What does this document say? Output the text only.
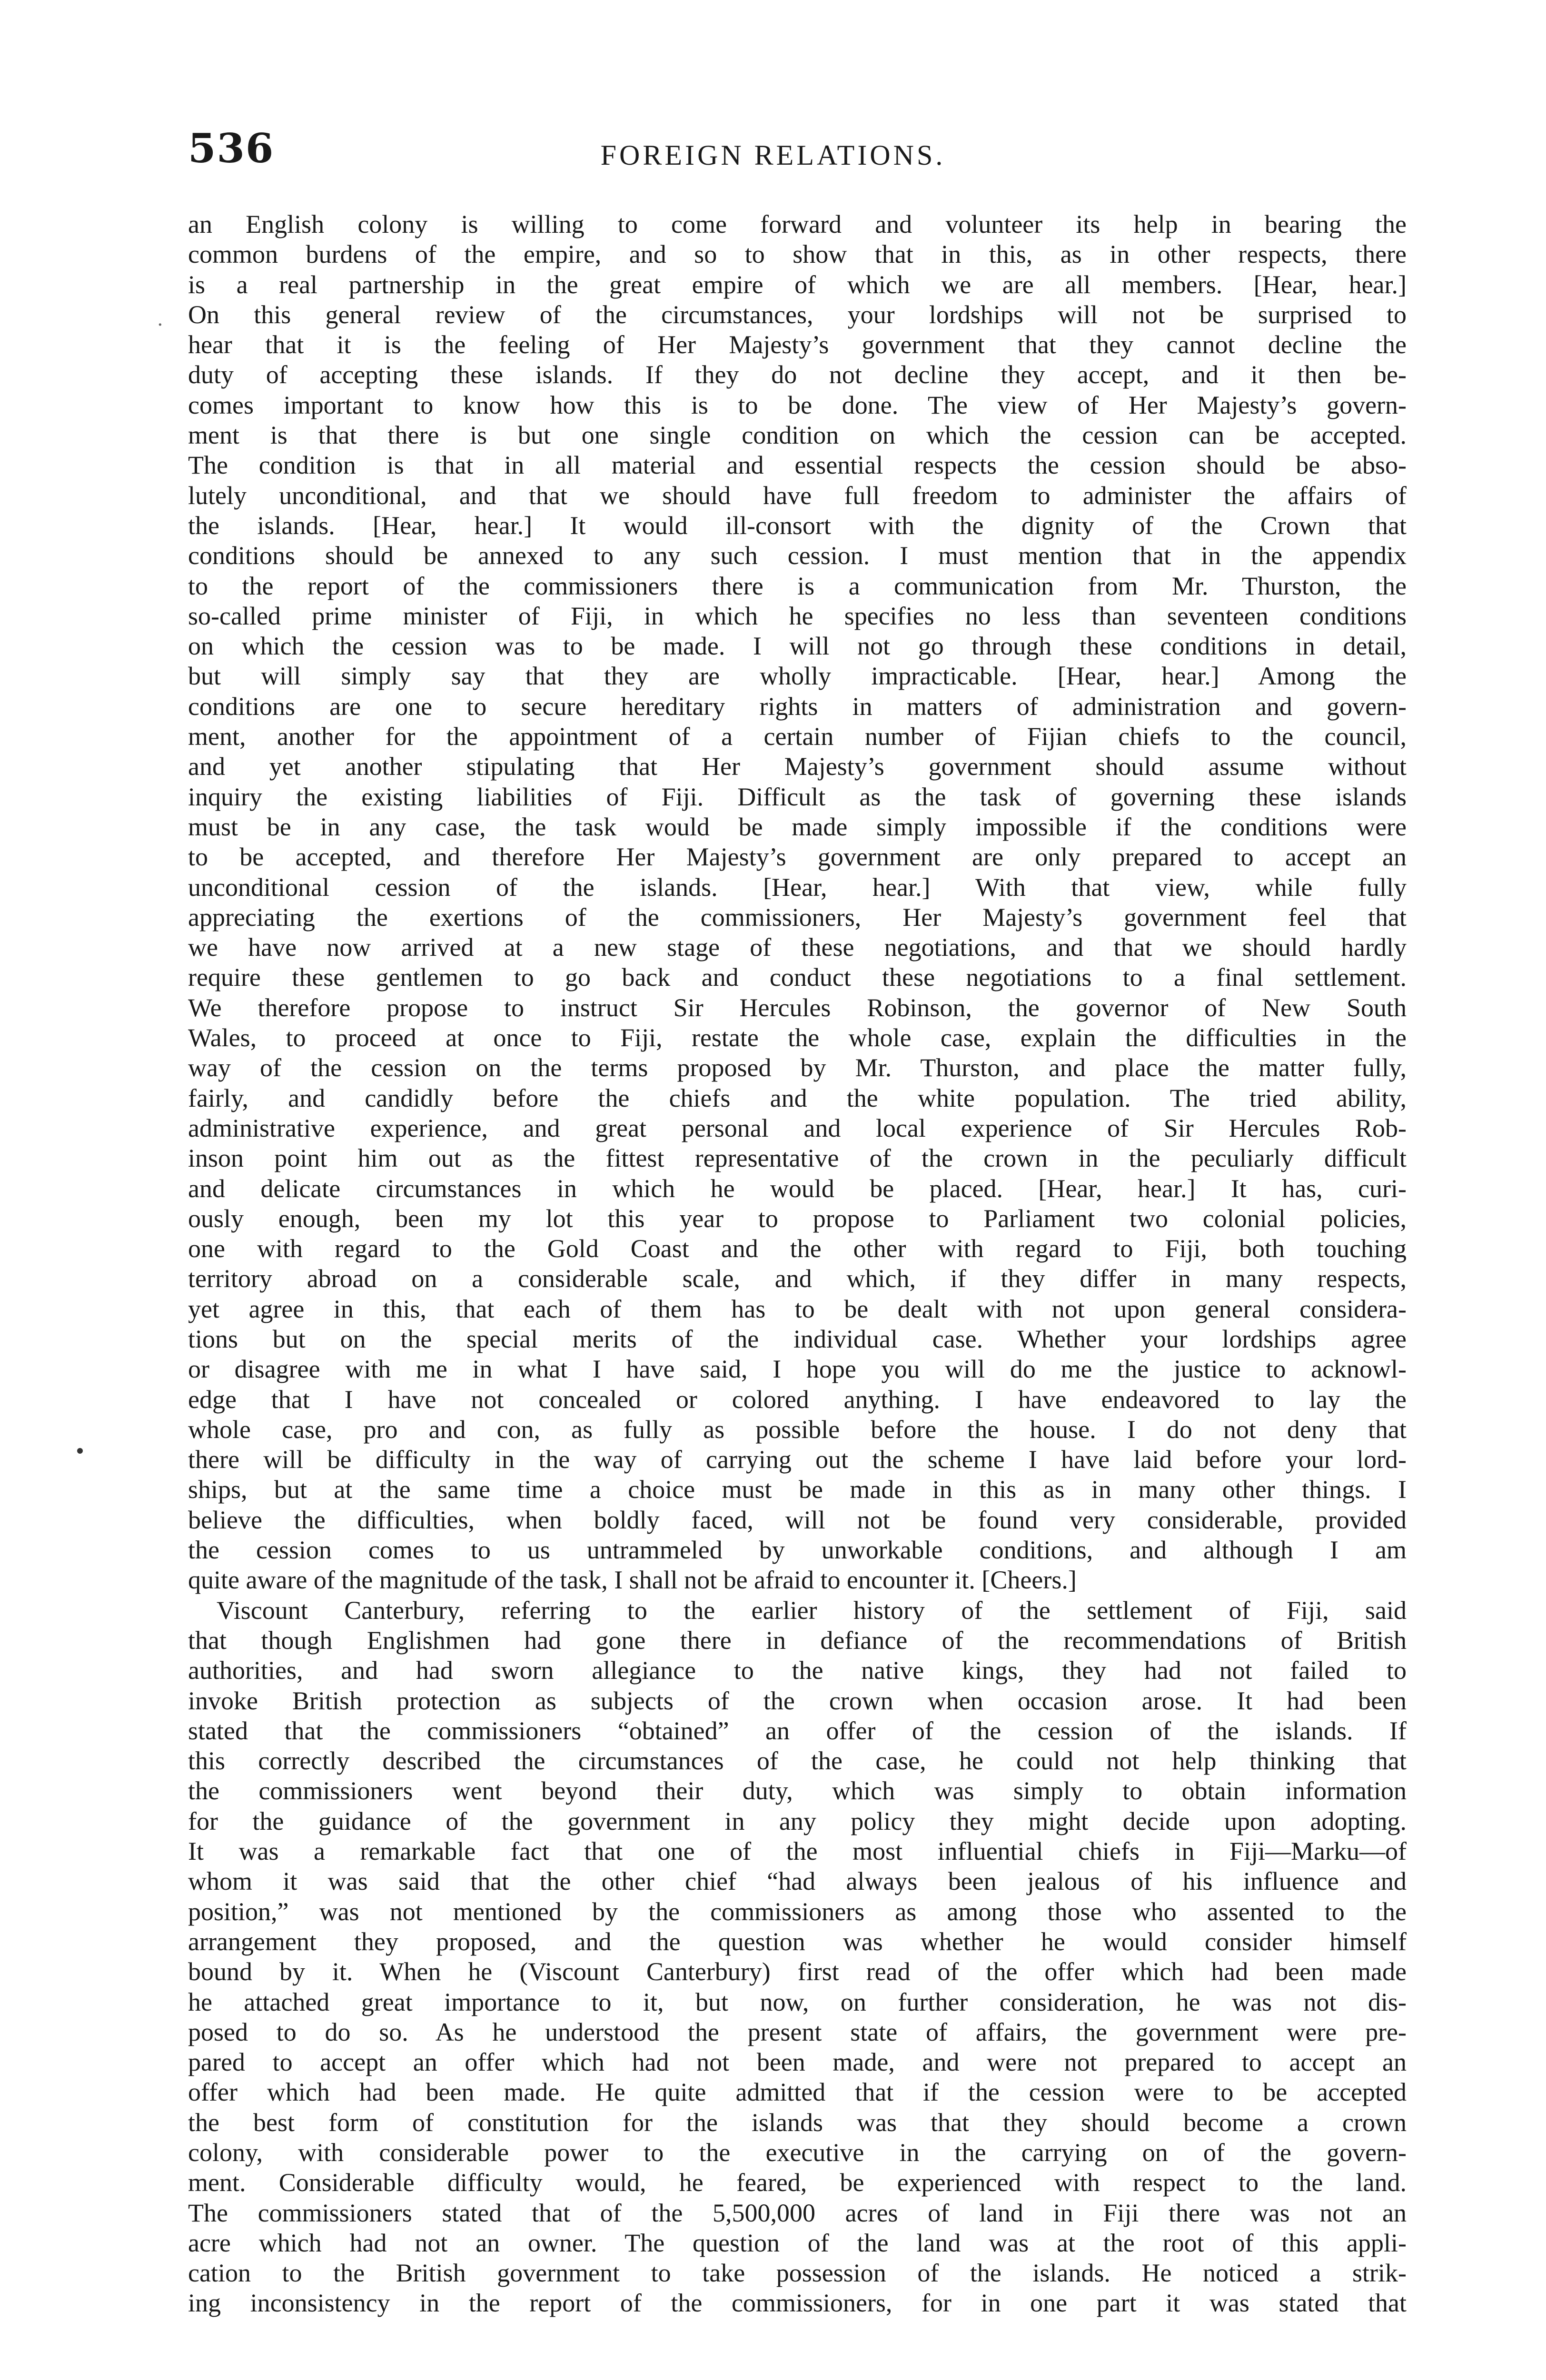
536	FOREIGN RELATIONS.
·
an English colony is willing to come forward and volunteer its help in bearing the
common burdens of the empire, and so to show that in this, as in other respects, there
is a real partnership in the great empire of which we are all members. [Hear, hear.]
On this general review of the circumstances, your lordships will not be surprised to
hear that it is the feeling of Her Majesty’s government that they cannot decline the
duty of accepting these islands. If they do not decline they accept, and it then be-
comes important to know how this is to be done. The view of Her Majesty’s govern-
ment is that there is but one single condition on which the cession can be accepted.
The condition is that in all material and essential respects the cession should be abso-
lutely unconditional, and that we should have full freedom to administer the affairs of
the islands. [Hear, hear.] It would ill-consort with the dignity of the Crown that
conditions should be annexed to any such cession. I must mention that in the appendix
to the report of the commissioners there is a communication from Mr. Thurston, the
so-called prime minister of Fiji, in which he specifies no less than seventeen conditions
on which the cession was to be made. I will not go through these conditions in detail,
but will simply say that they are wholly impracticable. [Hear, hear.] Among the
conditions are one to secure hereditary rights in matters of administration and govern-
ment, another for the appointment of a certain number of Fijian chiefs to the council,
and yet another stipulating that Her Majesty’s government should assume without
inquiry the existing liabilities of Fiji. Difficult as the task of governing these islands
must be in any case, the task would be made simply impossible if the conditions were
to be accepted, and therefore Her Majesty’s government are only prepared to accept an
unconditional cession of the islands. [Hear, hear.] With that view, while fully
appreciating the exertions of the commissioners, Her Majesty’s government feel that
we have now arrived at a new stage of these negotiations, and that we should hardly
require these gentlemen to go back and conduct these negotiations to a final settlement.
We therefore propose to instruct Sir Hercules Robinson, the governor of New South
Wales, to proceed at once to Fiji, restate the whole case, explain the difficulties in the
way of the cession on the terms proposed by Mr. Thurston, and place the matter fully,
fairly, and candidly before the chiefs and the white population. The tried ability,
administrative experience, and great personal and local experience of Sir Hercules Rob-
inson point him out as the fittest representative of the crown in the peculiarly difficult
and delicate circumstances in which he would be placed. [Hear, hear.] It has, curi-
ously enough, been my lot this year to propose to Parliament two colonial policies,
one with regard to the Gold Coast and the other with regard to Fiji, both touching
territory abroad on a considerable scale, and which, if they differ in many respects,
yet agree in this, that each of them has to be dealt with not upon general considera-
tions but on the special merits of the individual case. Whether your lordships agree
or disagree with me in what I have said, I hope you will do me the justice to acknowl-
edge that I have not concealed or colored anything. I have endeavored to lay the
whole case, pro and con, as fully as possible before the house. I do not deny that
there will be difficulty in the way of carrying out the scheme I have laid before your lord-
ships, but at the same time a choice must be made in this as in many other things. I
believe the difficulties, when boldly faced, will not be found very considerable, provided
the cession comes to us untrammeled by unworkable conditions, and although I am
quite aware of the magnitude of the task, I shall not be afraid to encounter it. [Cheers.]
Viscount Canterbury, referring to the earlier history of the settlement of Fiji, said
that though Englishmen had gone there in defiance of the recommendations of British
authorities, and had sworn allegiance to the native kings, they had not failed to
invoke British protection as subjects of the crown when occasion arose. It had been
stated that the commissioners “obtained” an offer of the cession of the islands. If
this correctly described the circumstances of the case, he could not help thinking that
the commissioners went beyond their duty, which was simply to obtain information
for the guidance of the government in any policy they might decide upon adopting.
It was a remarkable fact that one of the most influential chiefs in Fiji—Marku—of
whom it was said that the other chief “had always been jealous of his influence and
position,” was not mentioned by the commissioners as among those who assented to the
arrangement they proposed, and the question was whether he would consider himself
bound by it. When he (Viscount Canterbury) first read of the offer which had been made
he attached great importance to it, but now, on further consideration, he was not dis-
posed to do so. As he understood the present state of affairs, the government were pre-
pared to accept an offer which had not been made, and were not prepared to accept an
offer which had been made. He quite admitted that if the cession were to be accepted
the best form of constitution for the islands was that they should become a crown
colony, with considerable power to the executive in the carrying on of the govern-
ment. Considerable difficulty would, he feared, be experienced with respect to the land.
The commissioners stated that of the 5,500,000 acres of land in Fiji there was not an
acre which had not an owner. The question of the land was at the root of this appli-
cation to the British government to take possession of the islands. He noticed a strik-
ing inconsistency in the report of the commissioners, for in one part it was stated that
